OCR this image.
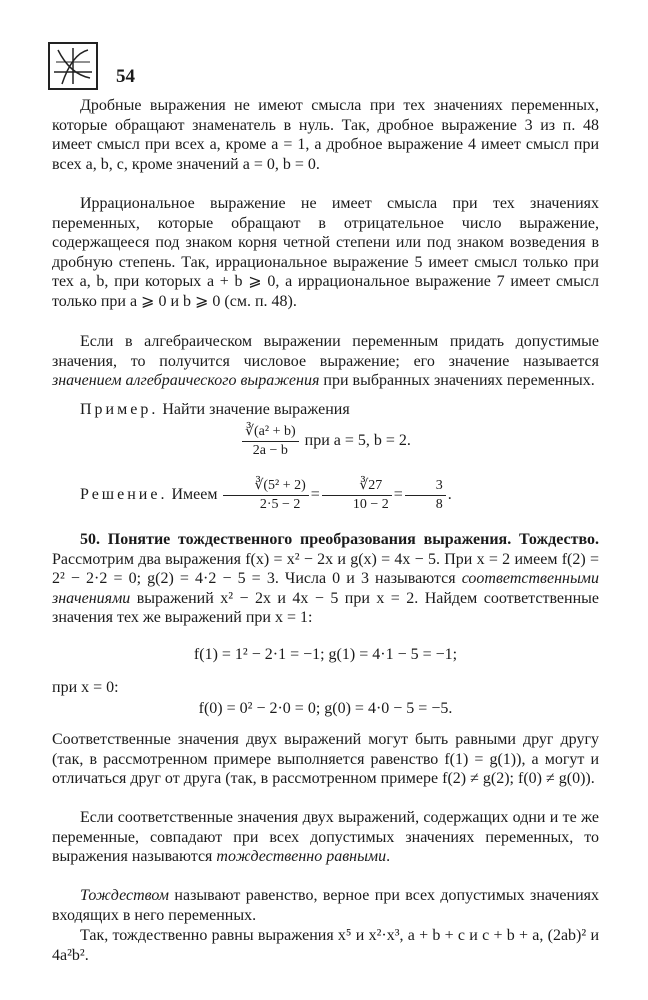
54
Дробные выражения не имеют смысла при тех значениях переменных, которые обращают знаменатель в нуль. Так, дробное выражение 3 из п. 48 имеет смысл при всех a, кроме a = 1, а дробное выражение 4 имеет смысл при всех a, b, c, кроме значений a = 0, b = 0.
Иррациональное выражение не имеет смысла при тех значениях переменных, которые обращают в отрицательное число выражение, содержащееся под знаком корня четной степени или под знаком возведения в дробную степень. Так, иррациональное выражение 5 имеет смысл только при тех a, b, при которых a + b ⩾ 0, а иррациональное выражение 7 имеет смысл только при a ⩾ 0 и b ⩾ 0 (см. п. 48).
Если в алгебраическом выражении переменным придать допустимые значения, то получится числовое выражение; его значение называется значением алгебраического выражения при выбранных значениях переменных.
Пример. Найти значение выражения
$\frac{\text{∛(a² + b)}}{2a - b}$ при a = 5, b = 2.
Решение. Имеем $\frac{\text{∛(5² + 2)}}{2\cdot 5 - 2} = \frac{∛27}{10 - 2} = \frac{3}{8}$ .
50. Понятие тождественного преобразования выражения. Тождество. Рассмотрим два выражения f(x) = x² − 2x и g(x) = 4x − 5. При x = 2 имеем f(2) = 2² − 2·2 = 0; g(2) = 4·2 − 5 = 3. Числа 0 и 3 называются соответственными значениями выражений x² − 2x и 4x − 5 при x = 2. Найдем соответственные значения тех же выражений при x = 1:
f(1) = 1² − 2·1 = −1; g(1) = 4·1 − 5 = −1;
при x = 0:
f(0) = 0² − 2·0 = 0; g(0) = 4·0 − 5 = −5.
Соответственные значения двух выражений могут быть равными друг другу (так, в рассмотренном примере выполняется равенство f(1) = g(1)), а могут и отличаться друг от друга (так, в рассмотренном примере f(2) ≠ g(2); f(0) ≠ g(0)).
Если соответственные значения двух выражений, содержащих одни и те же переменные, совпадают при всех допустимых значениях переменных, то выражения называются тождественно равными.
Тождеством называют равенство, верное при всех допустимых значениях входящих в него переменных.
Так, тождественно равны выражения x⁵ и x²·x³, a + b + c и c + b + a, (2ab)² и 4a²b².
